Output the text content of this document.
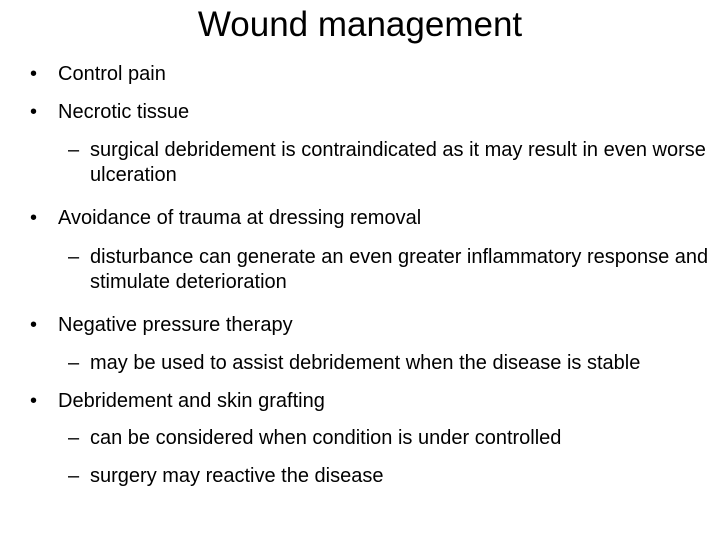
Wound management
• Control pain
• Necrotic tissue
– surgical debridement is contraindicated as it may result in even worse ulceration
• Avoidance of trauma at dressing removal
– disturbance can generate an even greater inflammatory response and stimulate deterioration
• Negative pressure therapy
– may be used to assist debridement when the disease is stable
• Debridement and skin grafting
– can be considered when condition is under controlled
– surgery may reactive the disease
